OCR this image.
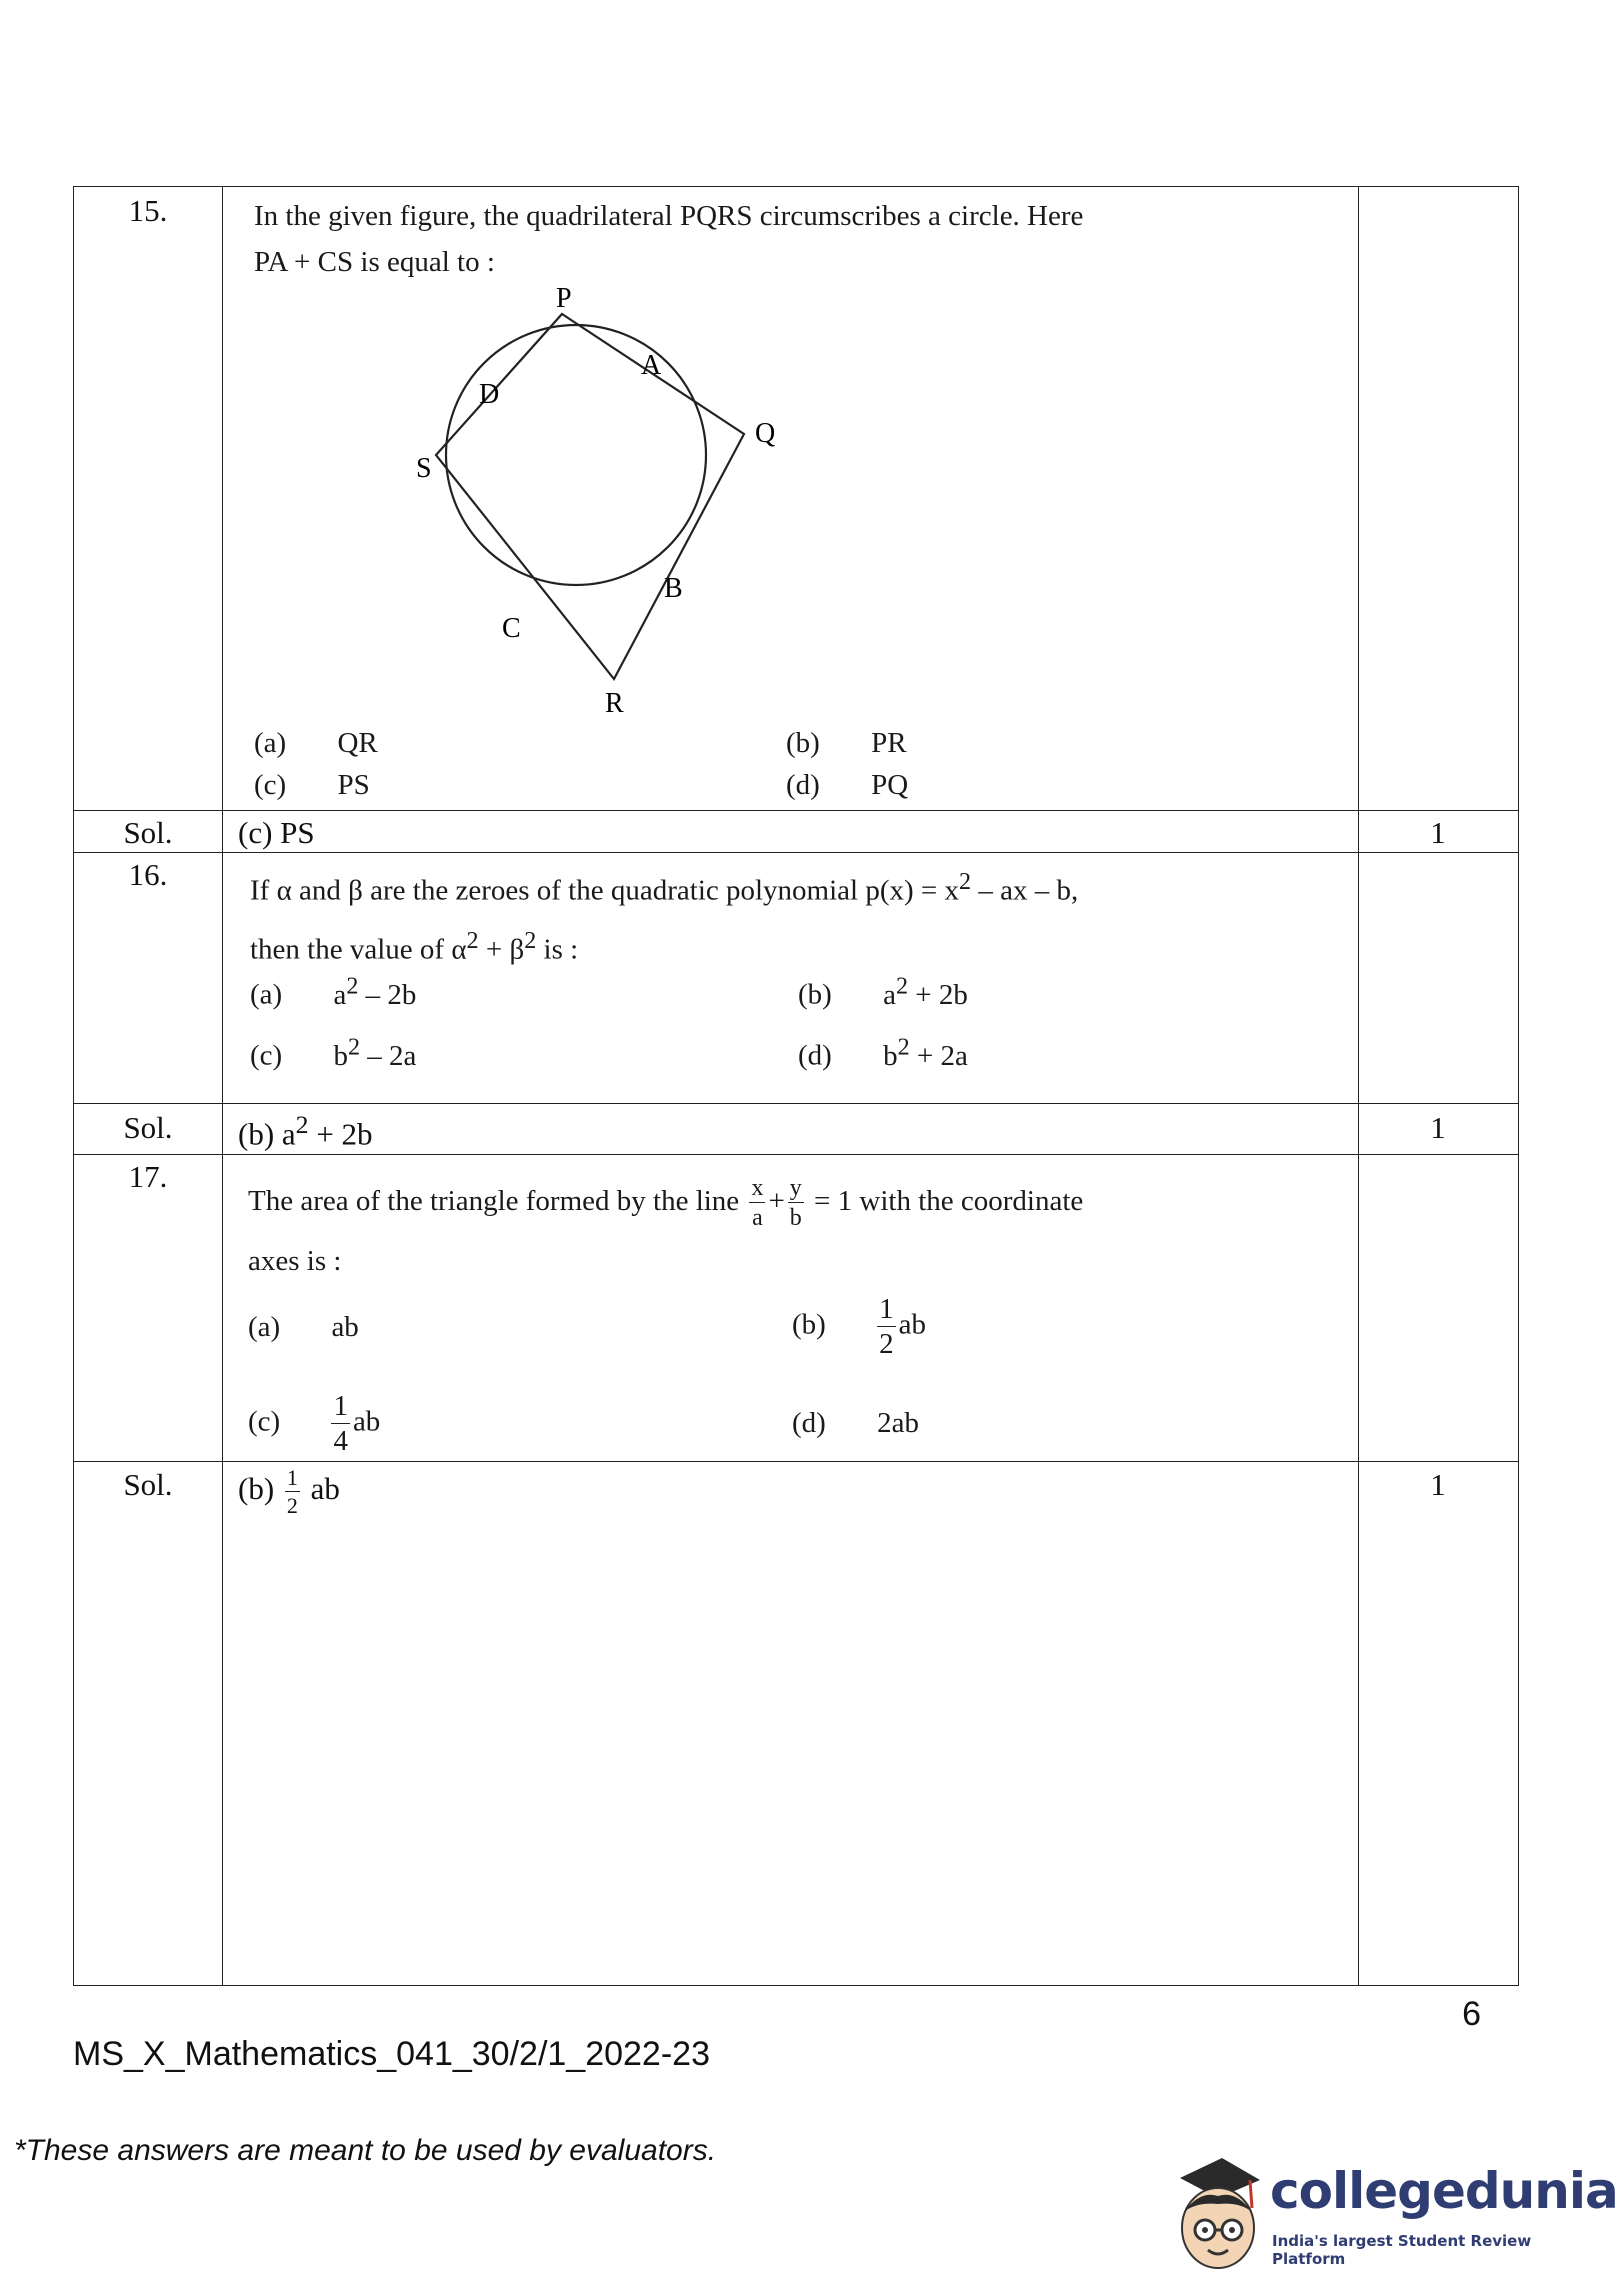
15.	In the given figure, the quadrilateral PQRS circumscribes a circle. Here
PA + CS is equal to :
P
Q
R
S
A
B
C
D
(a) QR	(b) PR
(c) PS	(d) PQ
Sol.	(c) PS	1
16.	If α and β are the zeroes of the quadratic polynomial $p(x) = x^2$ – ax – b,
then the value of $\alpha^2 + \beta^2$ is :
(a) $a^2 - 2b$	(b) $a^2 + 2b$
(c) $b^2 - 2a$	(d) $b^2 + 2a$
Sol.	(b) $a^2 + 2b$	1
17.
The area of the triangle formed by the line $\frac{x}{a} + \frac{y}{b} = 1$ with the coordinate
axes is :
(a) ab	$(b) \frac{1}{2}$ ab
$(c) \frac{1}{4}$ ab	(d) 2ab
Sol.	$(b) \frac{1}{2}$ ab	1
6
MS_X_Mathematics_041_30/2/1_2022-23
*These answers are meant to be used by evaluators.
collegedunia
India's largest Student Review Platform
